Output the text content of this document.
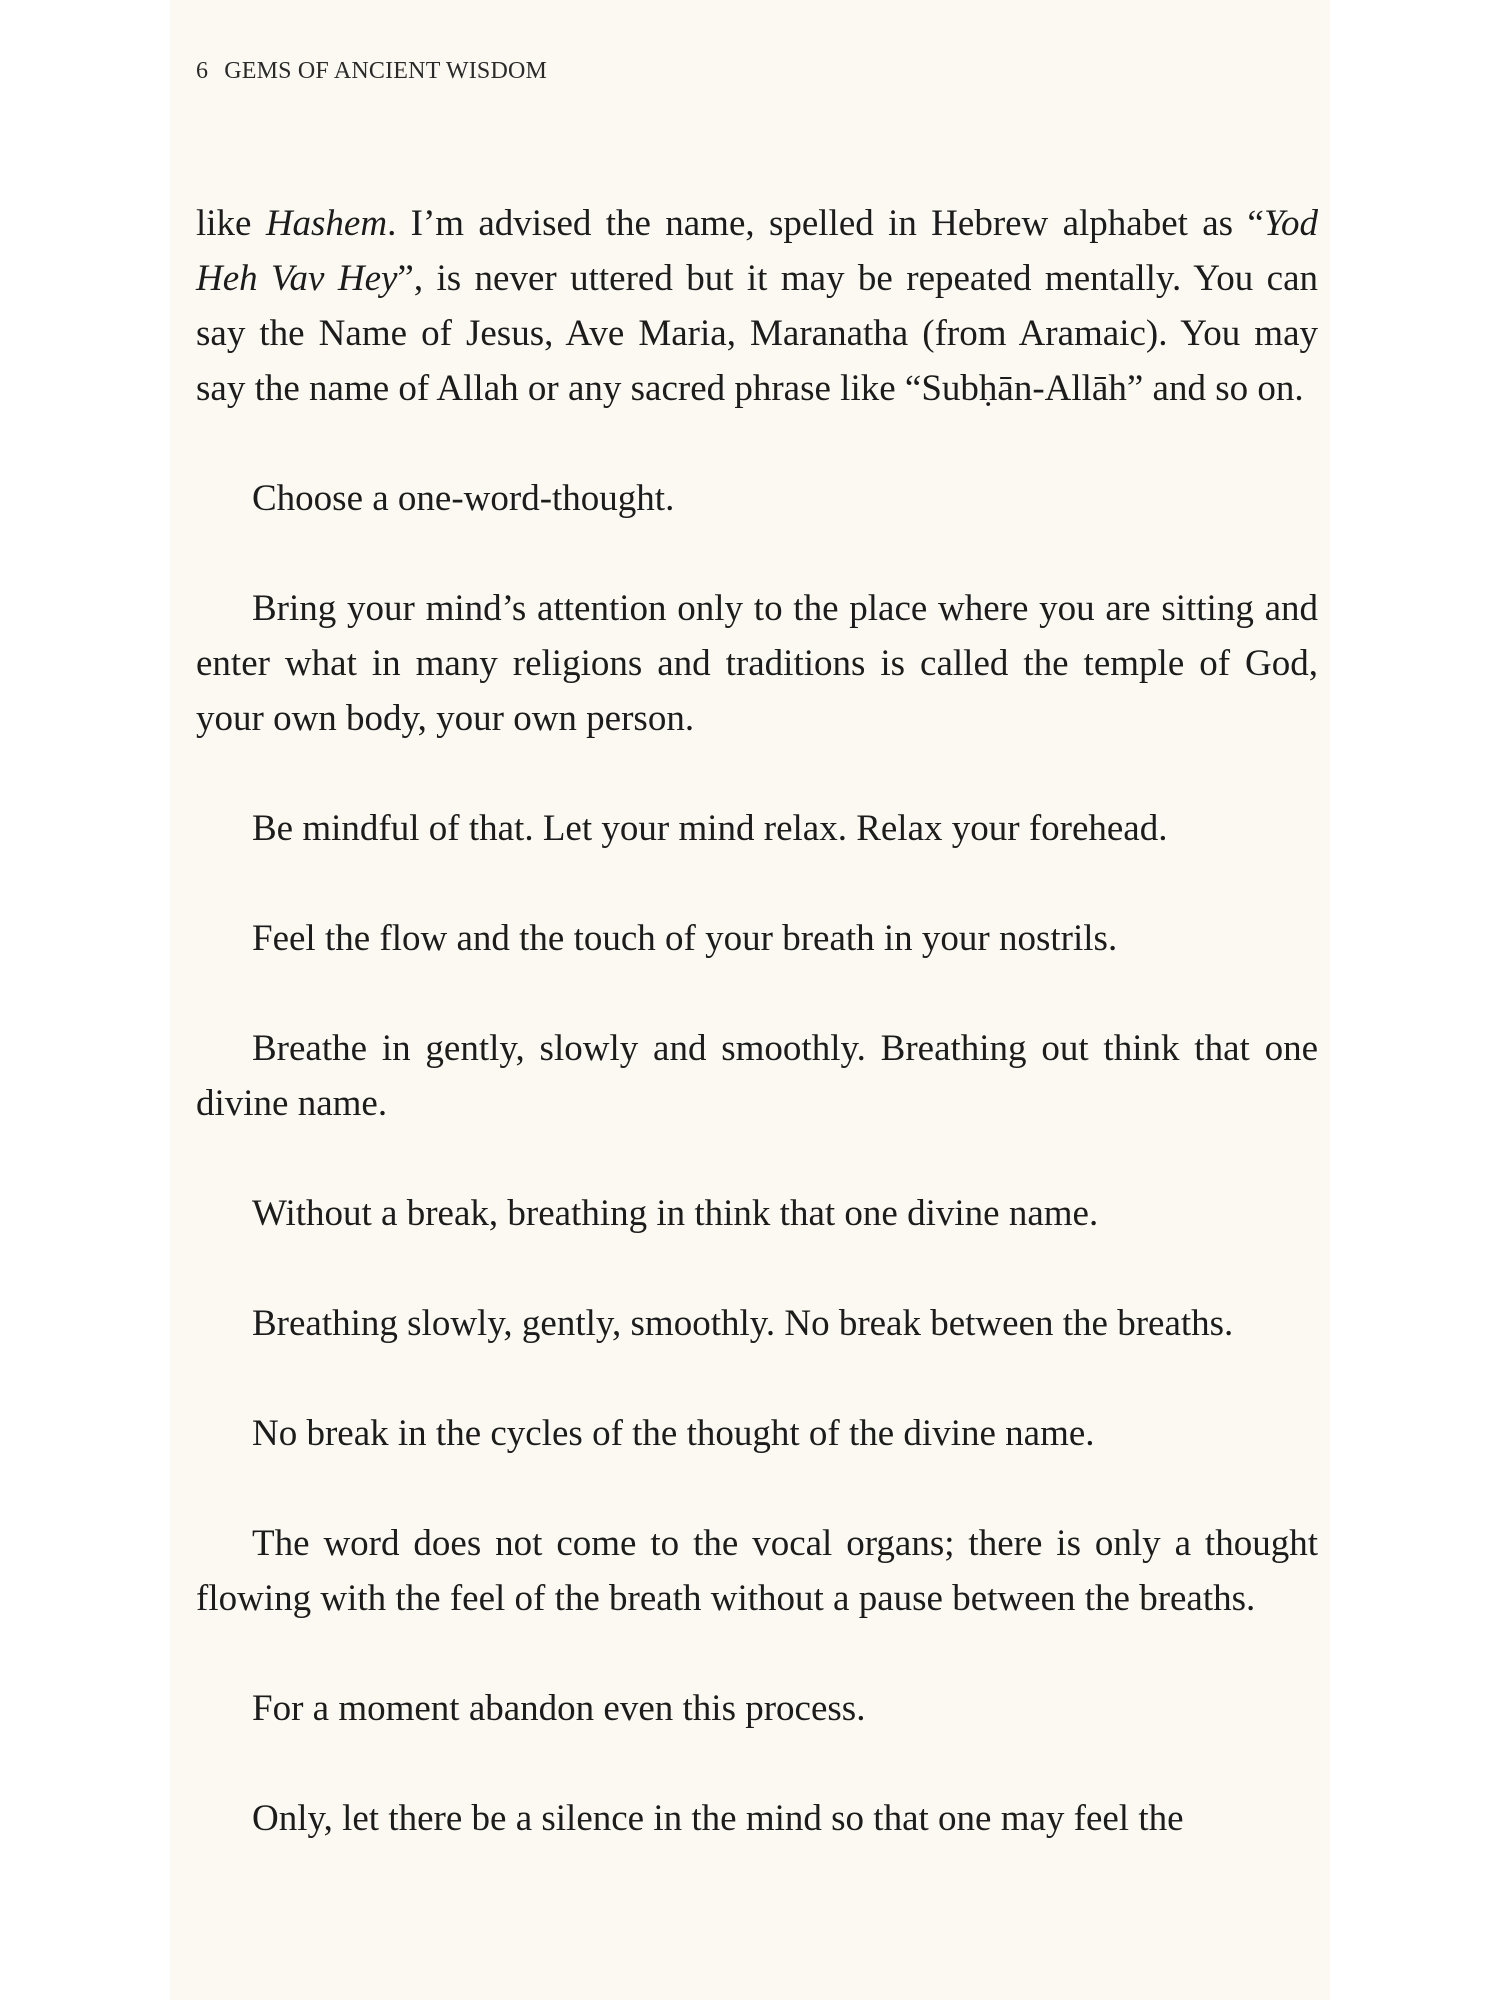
6 GEMS OF ANCIENT WISDOM

like Hashem. I’m advised the name, spelled in Hebrew alphabet as “Yod Heh Vav Hey”, is never uttered but it may be repeated mentally. You can say the Name of Jesus, Ave Maria, Maranatha (from Aramaic). You may say the name of Allah or any sacred phrase like “Subḥān-Allāh” and so on.

Choose a one-word-thought.

Bring your mind’s attention only to the place where you are sitting and enter what in many religions and traditions is called the temple of God, your own body, your own person.

Be mindful of that. Let your mind relax. Relax your forehead.

Feel the flow and the touch of your breath in your nostrils.

Breathe in gently, slowly and smoothly. Breathing out think that one divine name.

Without a break, breathing in think that one divine name.

Breathing slowly, gently, smoothly. No break between the breaths.

No break in the cycles of the thought of the divine name.

The word does not come to the vocal organs; there is only a thought flowing with the feel of the breath without a pause between the breaths.

For a moment abandon even this process.

Only, let there be a silence in the mind so that one may feel the
